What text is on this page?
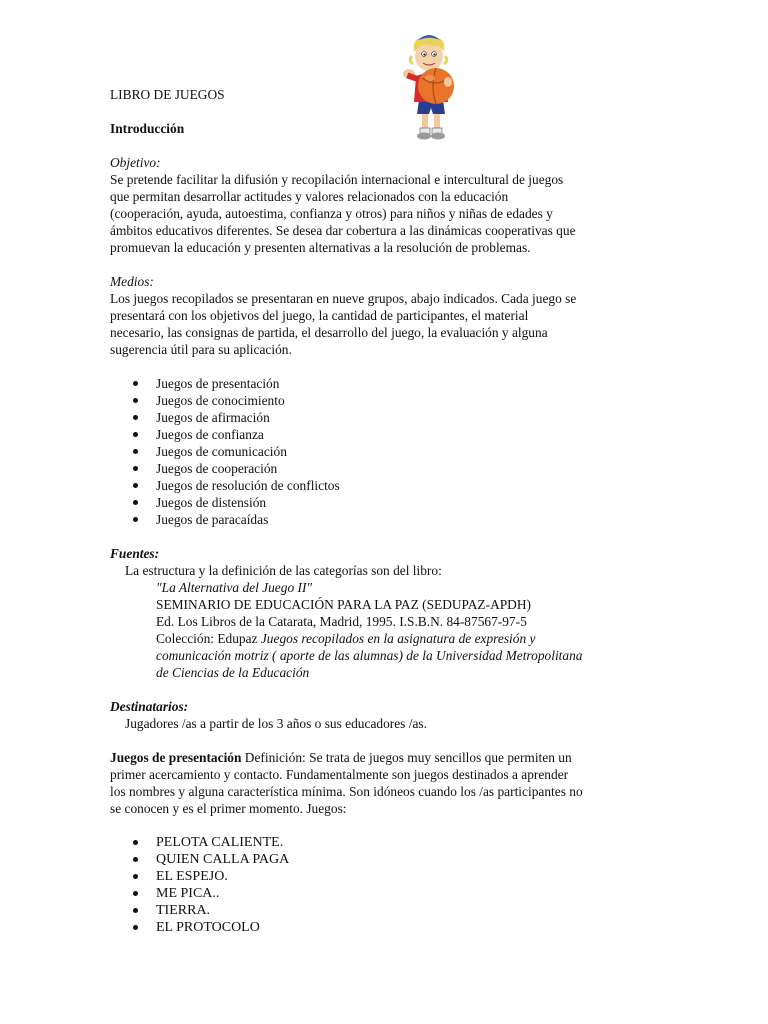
LIBRO DE JUEGOS

Introducción

Objetivo:

Se pretende facilitar la difusión y recopilación internacional e intercultural de juegos

que permitan desarrollar actitudes y valores relacionados con la educación

(cooperación, ayuda, autoestima, confianza y otros) para niños y niñas de edades y

ámbitos educativos diferentes. Se desea dar cobertura a las dinámicas cooperativas que

promuevan la educación y presenten alternativas a la resolución de problemas.

Medios:

Los juegos recopilados se presentaran en nueve grupos, abajo indicados. Cada juego se

presentará con los objetivos del juego, la cantidad de participantes, el material

necesario, las consignas de partida, el desarrollo del juego, la evaluación y alguna

sugerencia útil para su aplicación.

Juegos de presentación
Juegos de conocimiento
Juegos de afirmación
Juegos de confianza
Juegos de comunicación
Juegos de cooperación
Juegos de resolución de conflictos
Juegos de distensión
Juegos de paracaídas

Fuentes:

La estructura y la definición de las categorías son del libro:

"La Alternativa del Juego II"

SEMINARIO DE EDUCACIÓN PARA LA PAZ (SEDUPAZ-APDH)

Ed. Los Libros de la Catarata, Madrid, 1995. I.S.B.N. 84-87567-97-5

Colección: Edupaz Juegos recopilados en la asignatura de expresión y

comunicación motriz ( aporte de las alumnas) de la Universidad Metropolitana

de Ciencias de la Educación

Destinatarios:

Jugadores /as a partir de los 3 años o sus educadores /as.

Juegos de presentación Definición: Se trata de juegos muy sencillos que permiten un

primer acercamiento y contacto. Fundamentalmente son juegos destinados a aprender

los nombres y alguna característica mínima. Son idóneos cuando los /as participantes no

se conocen y es el primer momento. Juegos:

PELOTA CALIENTE.
QUIEN CALLA PAGA
EL ESPEJO.
ME PICA..
TIERRA.
EL PROTOCOLO
